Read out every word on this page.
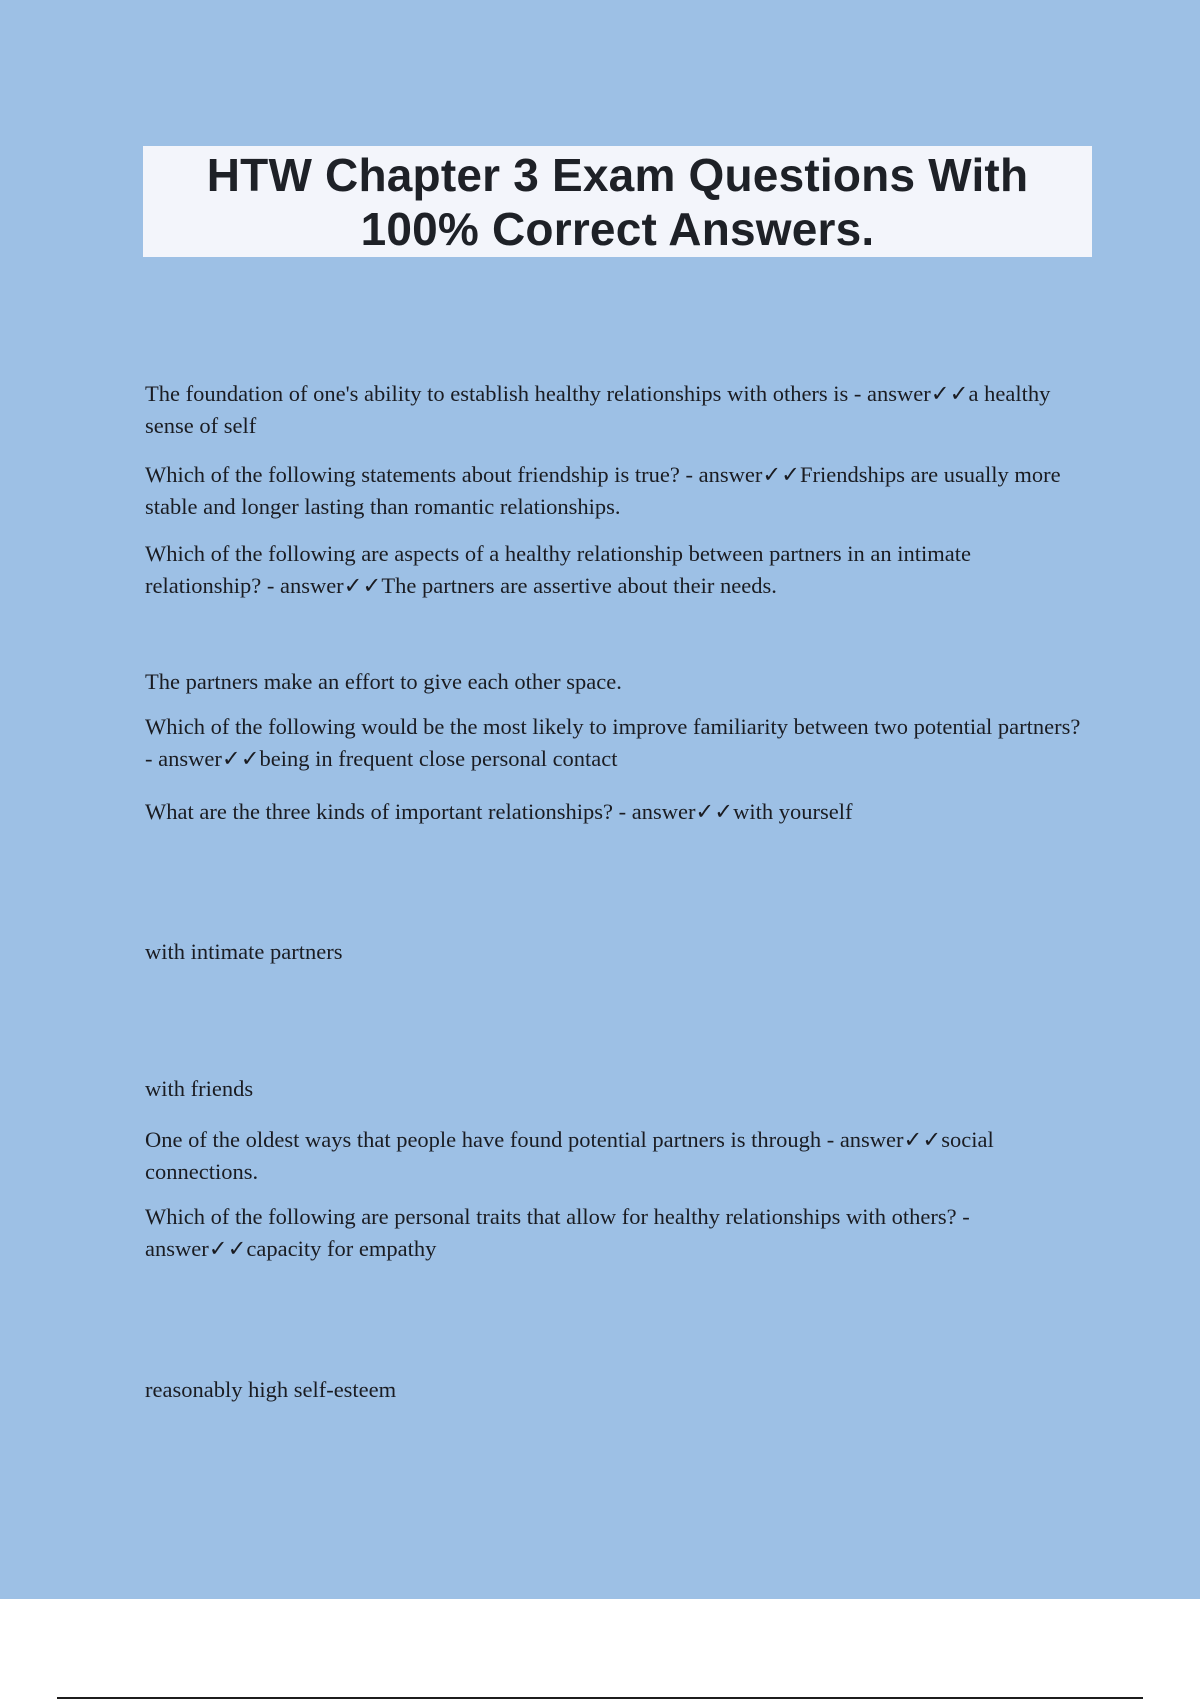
HTW Chapter 3 Exam Questions With
100% Correct Answers.

The foundation of one's ability to establish healthy relationships with others is - answer✓✓a healthy sense of self

Which of the following statements about friendship is true? - answer✓✓Friendships are usually more stable and longer lasting than romantic relationships.

Which of the following are aspects of a healthy relationship between partners in an intimate relationship? - answer✓✓The partners are assertive about their needs.

The partners make an effort to give each other space.

Which of the following would be the most likely to improve familiarity between two potential partners? - answer✓✓being in frequent close personal contact

What are the three kinds of important relationships? - answer✓✓with yourself

with intimate partners

with friends

One of the oldest ways that people have found potential partners is through - answer✓✓social connections.

Which of the following are personal traits that allow for healthy relationships with others? - answer✓✓capacity for empathy

reasonably high self-esteem
